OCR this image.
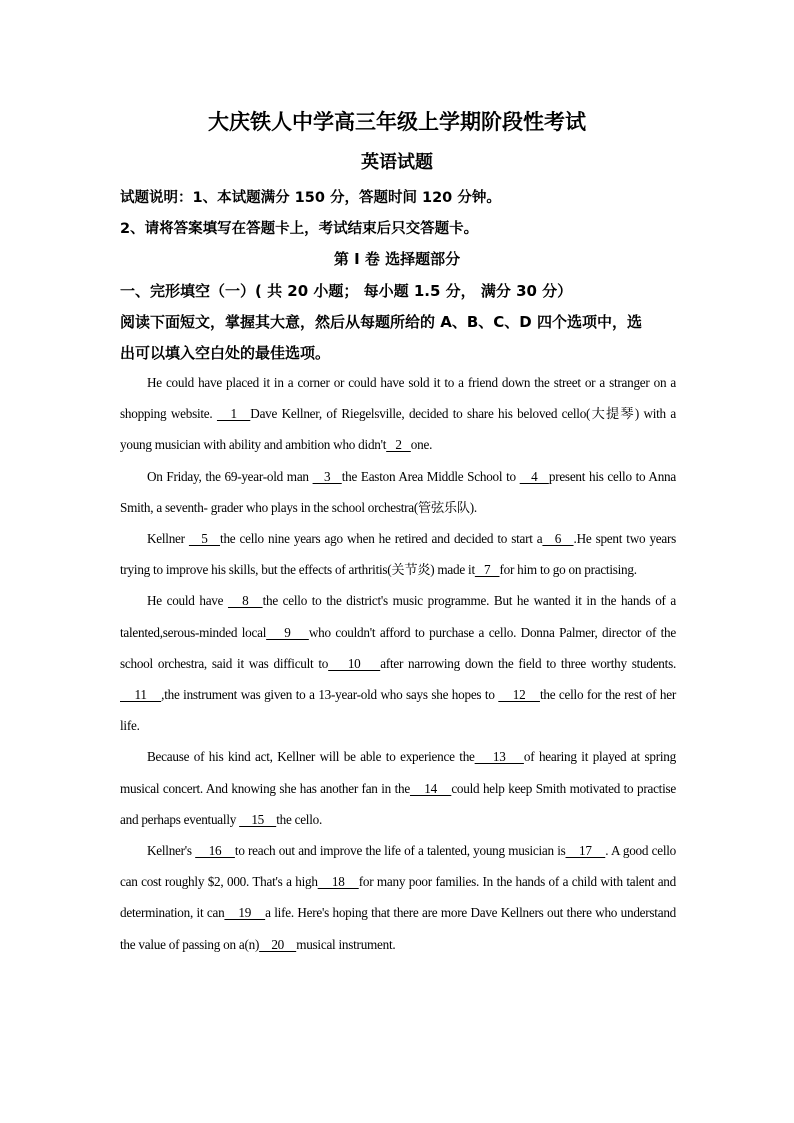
大庆铁人中学高三年级上学期阶段性考试
英语试题
试题说明：1、本试题满分 150 分，答题时间 120 分钟。
2、请将答案填写在答题卡上，考试结束后只交答题卡。
第 I 卷 选择题部分
一、完形填空（一）( 共 20 小题； 每小题 1.5 分， 满分 30 分）
阅读下面短文，掌握其大意，然后从每题所给的 A、B、C、D 四个选项中，选
出可以填入空白处的最佳选项。

He could have placed it in a corner or could have sold it to a friend down the street or a stranger on a shopping website.    1   Dave Kellner, of Riegelsville, decided to share his beloved cello(大提琴) with a young musician with ability and ambition who didn't   2   one.

On Friday, the 69-year-old man    3   the Easton Area Middle School to    4   present his cello to Anna Smith, a seventh- grader who plays in the school orchestra(管弦乐队).

Kellner    5   the cello nine years ago when he retired and decided to start a   6   .He spent two years trying to improve his skills, but the effects of arthritis(关节炎) made it   7   for him to go on practising.

He could have    8   the cello to the district's music programme. But he wanted it in the hands of a talented,serous-minded local    9    who couldn't afford to purchase a cello. Donna Palmer, director of the school orchestra, said it was difficult to    10    after narrowing down the field to three worthy students.     11    ,the instrument was given to a 13-year-old who says she hopes to     12    the cello for the rest of her life.

Because of his kind act, Kellner will be able to experience the    13    of hearing it played at spring musical concert. And knowing she has another fan in the    14    could help keep Smith motivated to practise and perhaps eventually     15    the cello.

Kellner's     16    to reach out and improve the life of a talented, young musician is    17    . A good cello can cost roughly $2, 000. That's a high    18    for many poor families. In the hands of a child with talent and determination, it can    19    a life. Here's hoping that there are more Dave Kellners out there who understand the value of passing on a(n)    20    musical instrument.
